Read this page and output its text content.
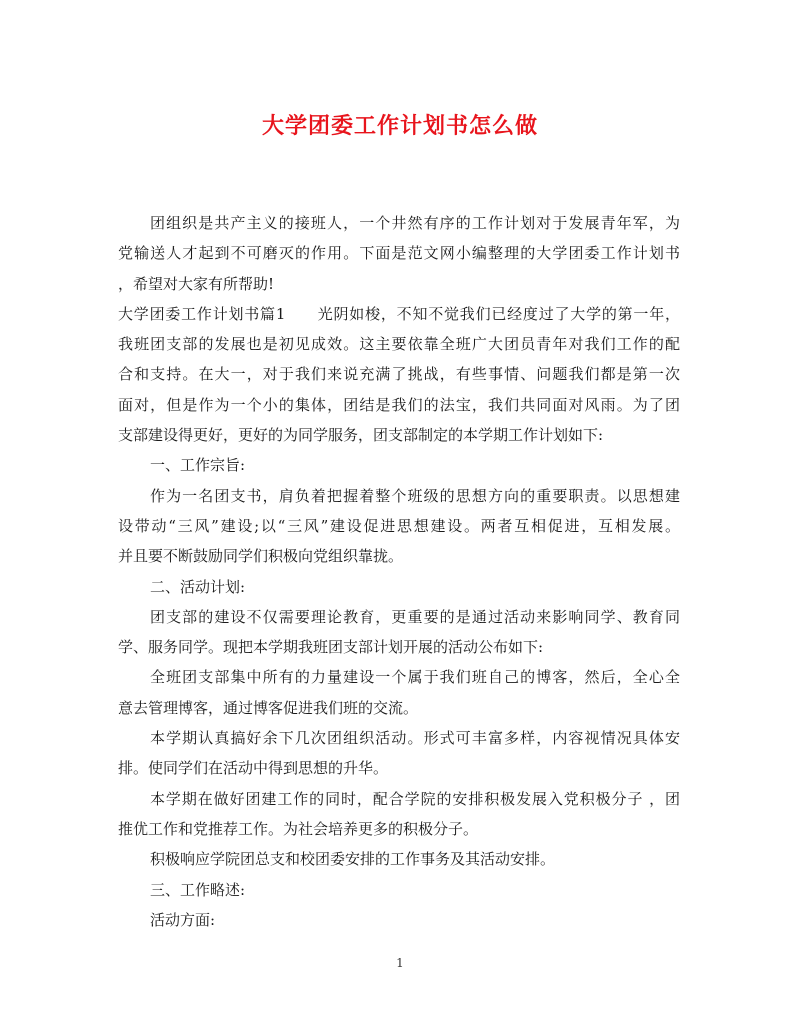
大学团委工作计划书怎么做
团组织是共产主义的接班人，一个井然有序的工作计划对于发展青年军，为
党输送人才起到不可磨灭的作用。下面是范文网小编整理的大学团委工作计划书
，希望对大家有所帮助!
大学团委工作计划书篇1　　光阴如梭，不知不觉我们已经度过了大学的第一年，
我班团支部的发展也是初见成效。这主要依靠全班广大团员青年对我们工作的配
合和支持。在大一，对于我们来说充满了挑战，有些事情、问题我们都是第一次
面对，但是作为一个小的集体，团结是我们的法宝，我们共同面对风雨。为了团
支部建设得更好，更好的为同学服务，团支部制定的本学期工作计划如下:
一、工作宗旨:
作为一名团支书，肩负着把握着整个班级的思想方向的重要职责。以思想建
设带动“三风”建设;以“三风”建设促进思想建设。两者互相促进，互相发展。
并且要不断鼓励同学们积极向党组织靠拢。
二、活动计划:
团支部的建设不仅需要理论教育，更重要的是通过活动来影响同学、教育同
学、服务同学。现把本学期我班团支部计划开展的活动公布如下:
全班团支部集中所有的力量建设一个属于我们班自己的博客，然后，全心全
意去管理博客，通过博客促进我们班的交流。
本学期认真搞好余下几次团组织活动。形式可丰富多样，内容视情况具体安
排。使同学们在活动中得到思想的升华。
本学期在做好团建工作的同时，配合学院的安排积极发展入党积极分子 ，团
推优工作和党推荐工作。为社会培养更多的积极分子。
积极响应学院团总支和校团委安排的工作事务及其活动安排。
三、工作略述:
活动方面:
1
